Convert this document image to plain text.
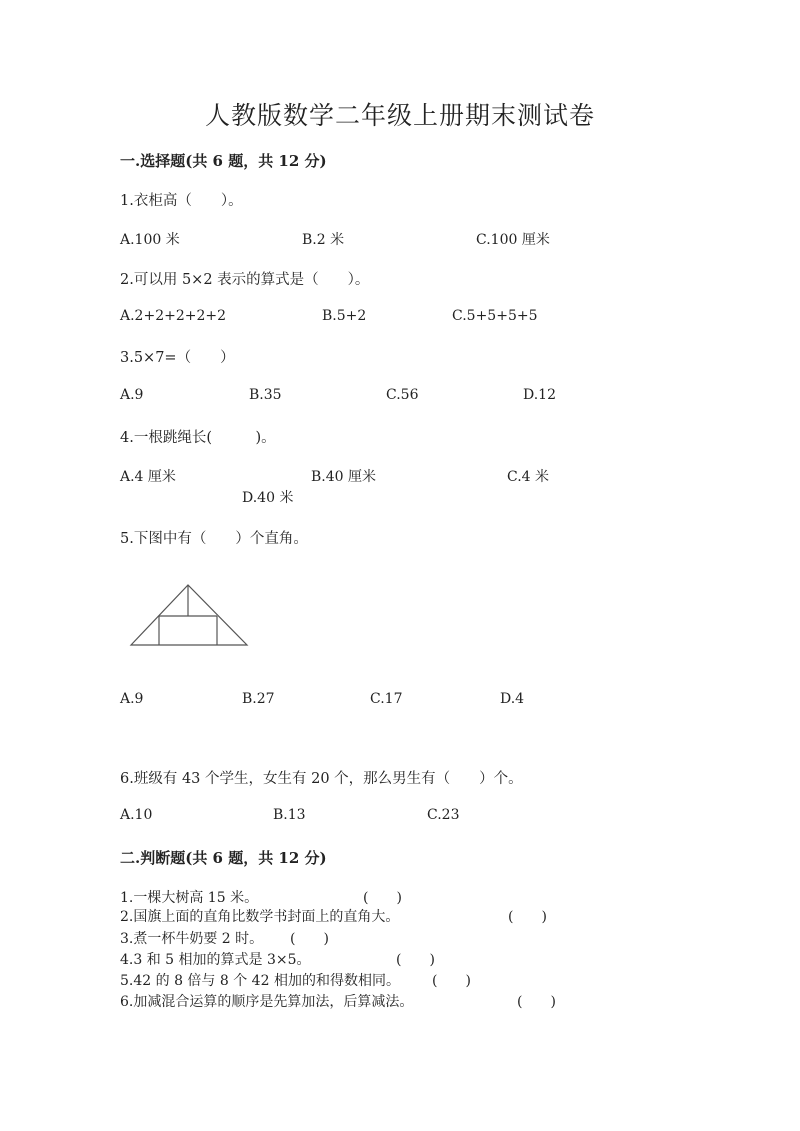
人教版数学二年级上册期末测试卷
一.选择题(共 6 题，共 12 分)
1.衣柜高（　　）。
A.100 米	B.2 米	C.100 厘米
2.可以用 5×2 表示的算式是（　　）。
A.2+2+2+2+2	B.5+2	C.5+5+5+5
3.5×7=（　　）
A.9	B.35	C.56	D.12
4.一根跳绳长(　　　)。
A.4 厘米	B.40 厘米	C.4 米
D.40 米
5.下图中有（　　）个直角。
A.9	B.27	C.17	D.4
6.班级有 43 个学生，女生有 20 个，那么男生有（　　）个。
A.10	B.13	C.23
二.判断题(共 6 题，共 12 分)
1.一棵大树高 15 米。	(　　)
2.国旗上面的直角比数学书封面上的直角大。	(　　)
3.煮一杯牛奶要 2 时。 (　　)
4.3 和 5 相加的算式是 3×5。	(　　)
5.42 的 8 倍与 8 个 42 相加的和得数相同。 (　　)
6.加减混合运算的顺序是先算加法，后算减法。	(　　)
